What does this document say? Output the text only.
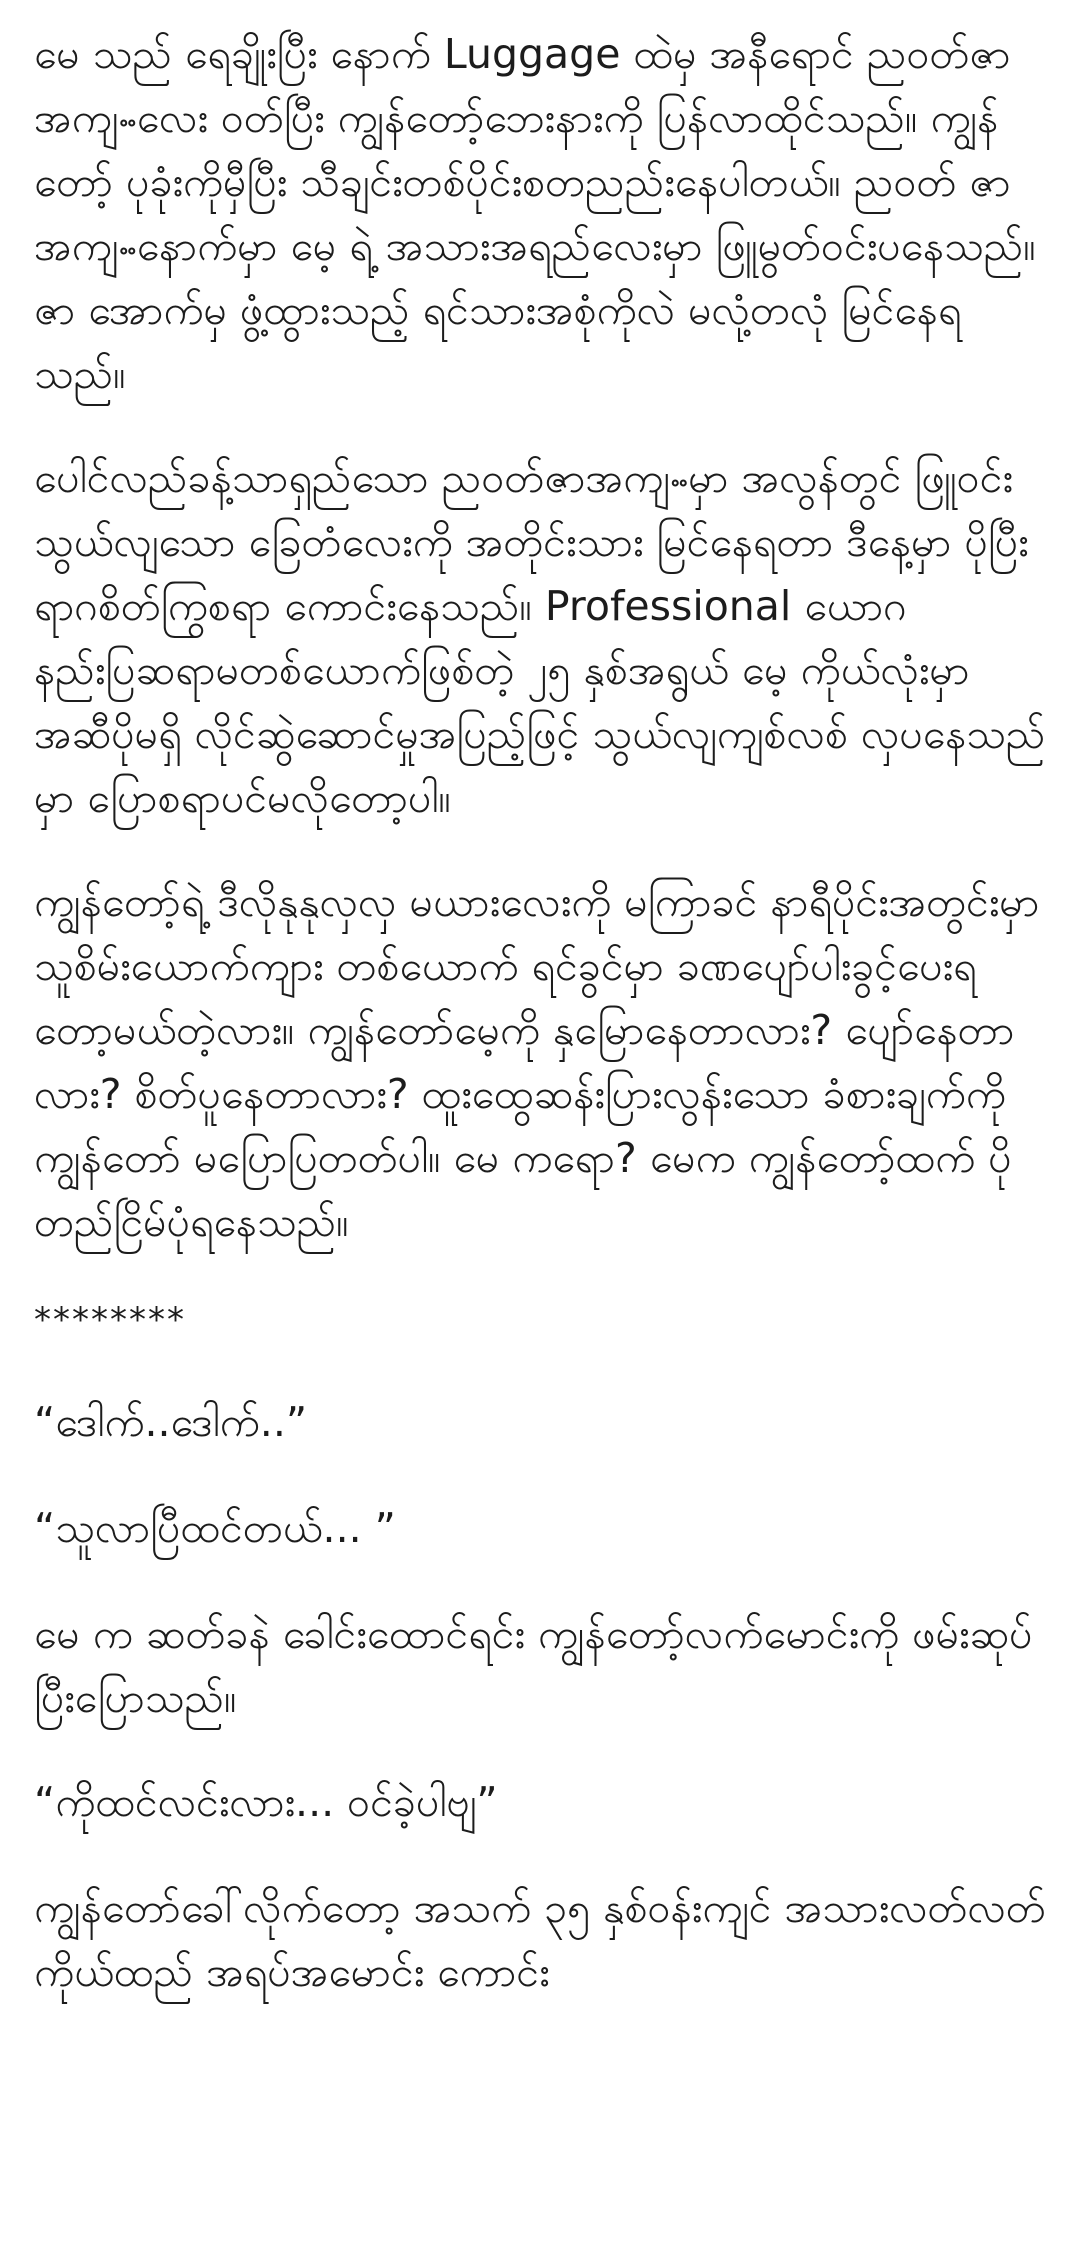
မေ သည် ရေချိုးပြီး နောက် Luggage ထဲမှ အနီရောင် ညဝတ်ဇာအကျႌလေး ဝတ်ပြီး ကျွန်တော့်ဘေးနားကို ပြန်လာထိုင်သည်။ ကျွန်တော့် ပုခုံးကိုမှီပြီး သီချင်းတစ်ပိုင်းစတညည်းနေပါတယ်။ ညဝတ် ဇာအကျႌနောက်မှာ မေ့ ရဲ့ အသားအရည်လေးမှာ ဖြူမွတ်ဝင်းပနေသည်။ ဇာ အောက်မှ ဖွံ့ထွားသည့် ရင်သားအစုံကိုလဲ မလုံ့တလုံ မြင်နေရသည်။

ပေါင်လည်ခန့်သာရှည်သော ညဝတ်ဇာအကျႌမှာ အလွန်တွင် ဖြူဝင်းသွယ်လျသော ခြေတံလေးကို အတိုင်းသား မြင်နေရတာ ဒီနေ့မှာ ပိုပြီး ရာဂစိတ်ကြွစရာ ကောင်းနေသည်။ Professional ယောဂ နည်းပြဆရာမတစ်ယောက်ဖြစ်တဲ့ ၂၅ နှစ်အရွယ် မေ့ ကိုယ်လုံးမှာ အဆီပိုမရှိ လိုင်ဆွဲဆောင်မှုအပြည့်ဖြင့် သွယ်လျကျစ်လစ် လှပနေသည်မှာ ပြောစရာပင်မလိုတော့ပါ။

ကျွန်တော့်ရဲ့ ဒီလိုနုနုလှလှ မယားလေးကို မကြာခင် နာရီပိုင်းအတွင်းမှာ သူစိမ်းယောက်ကျား တစ်ယောက် ရင်ခွင်မှာ ခဏပျော်ပါးခွင့်ပေးရတော့မယ်တဲ့လား။ ကျွန်တော်မေ့ကို နှမြောနေတာလား? ပျော်နေတာလား? စိတ်ပူနေတာလား? ထူးထွေဆန်းပြားလွန်းသော ခံစားချက်ကို ကျွန်တော် မပြောပြတတ်ပါ။ မေ ကရော? မေက ကျွန်တော့်ထက် ပိုတည်ငြိမ်ပုံရနေသည်။

********

“ဒေါက်..ဒေါက်..”

“သူလာပြီထင်တယ်... ”

မေ က ဆတ်ခနဲ ခေါင်းထောင်ရင်း ကျွန်တော့်လက်မောင်းကို ဖမ်းဆုပ်ပြီးပြောသည်။

“ကိုထင်လင်းလား... ဝင်ခဲ့ပါဗျ”

ကျွန်တော်ခေါ်လိုက်တော့ အသက် ၃၅ နှစ်ဝန်းကျင် အသားလတ်လတ် ကိုယ်ထည် အရပ်အမောင်း ကောင်း
